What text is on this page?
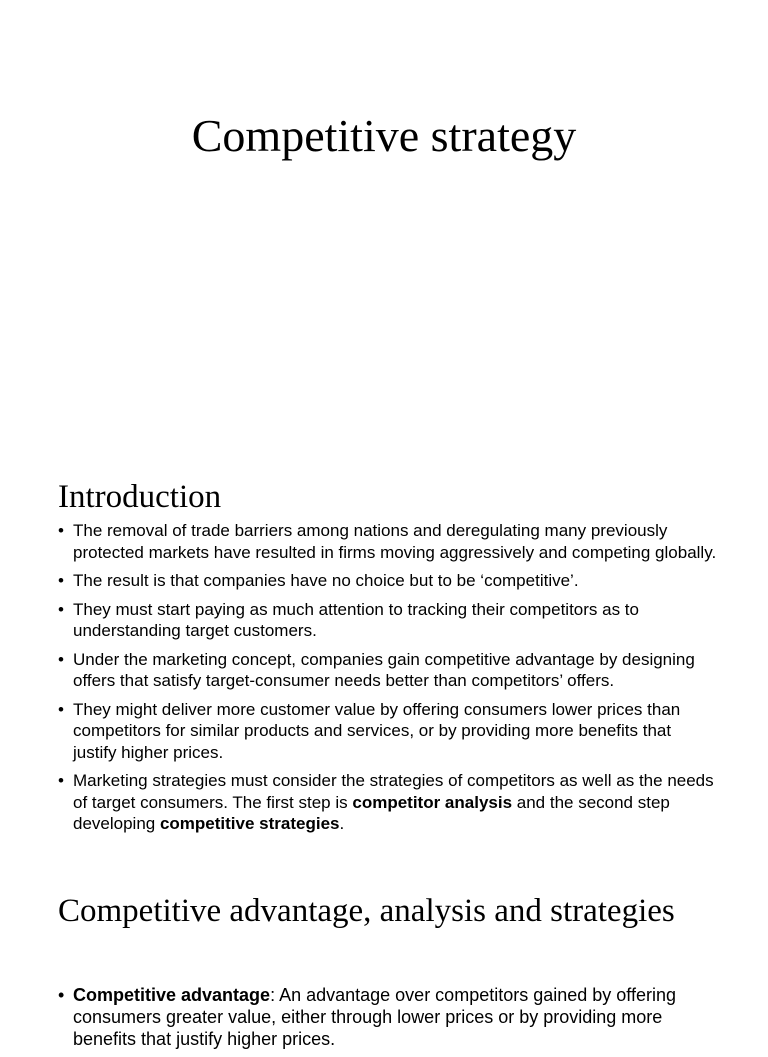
Competitive strategy
Introduction
• The removal of trade barriers among nations and deregulating many previously protected markets have resulted in firms moving aggressively and competing globally.
• The result is that companies have no choice but to be ‘competitive’.
• They must start paying as much attention to tracking their competitors as to understanding target customers.
• Under the marketing concept, companies gain competitive advantage by designing offers that satisfy target-consumer needs better than competitors’ offers.
• They might deliver more customer value by offering consumers lower prices than competitors for similar products and services, or by providing more benefits that justify higher prices.
• Marketing strategies must consider the strategies of competitors as well as the needs of target consumers. The first step is competitor analysis and the second step developing competitive strategies.
Competitive advantage, analysis and strategies
• Competitive advantage: An advantage over competitors gained by offering consumers greater value, either through lower prices or by providing more benefits that justify higher prices.
